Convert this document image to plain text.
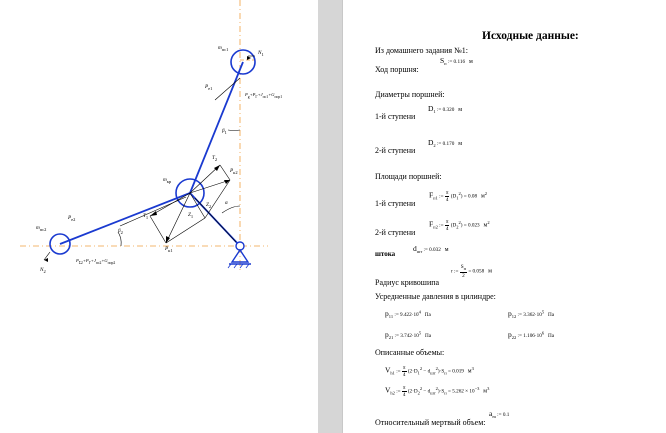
$m_{пс1}$
$N_1$
$P_{е1}$
$P_g+P_Г+J_{пс1}+G_{пор1}$
$\beta_1$
$T_2$
$P_{к2}$
$m_{кр}$
α
$Z_2$
$Z_1$
$T_1$
$P_{к1}$
$m_{пс2}$
$P_{е2}$
$\beta_2$
$N_2$
$P_{\Sigma 2}+P_Г+J_{пс2}+G_{пор2}$
Исходные данные:
Из домашнего задания №1:
$S_п$ := 0.116 м
Ход поршня:
Диаметры поршней:
$D_1$ := 0.320 м
1-й ступени
$D_2$ := 0.170 м
2-й ступени
Площади поршней:
$F_{п1}$ := $\frac{\pi}{4} (D_1^2) = 0.08$ $м^2$
1-й ступени
$F_{п2}$ := $\frac{\pi}{4} (D_2^2) = 0.023$ $м^2$
2-й ступени
$d_{шт}$ := 0.032 м
штока
r := $\frac{S_п}{2} = 0.058$ м
Радиус кривошипа
Усредненные давления в цилиндре:
$p_{11}$ := $9.422\cdot 10^4$   Па	$p_{12}$ := $3.362\cdot 10^5$   Па
$p_{21}$ := $3.742\cdot 10^5$   Па	$p_{22}$ := $1.106\cdot 10^6$   Па
Описанные объемы:
$V_{h1}$ := $\frac{\pi}{4} (2\cdot D_1^2 - d_{шт}^2)\cdot S_п = 0.019$ $м^3$
$V_{h2}$ := $\frac{\pi}{4} (2\cdot D_2^2 - d_{шт}^2)\cdot S_п = 5.262 \times 10^{-3}$   $м^3$
$a_m$ := 0.1
Относительный мертвый объем:
